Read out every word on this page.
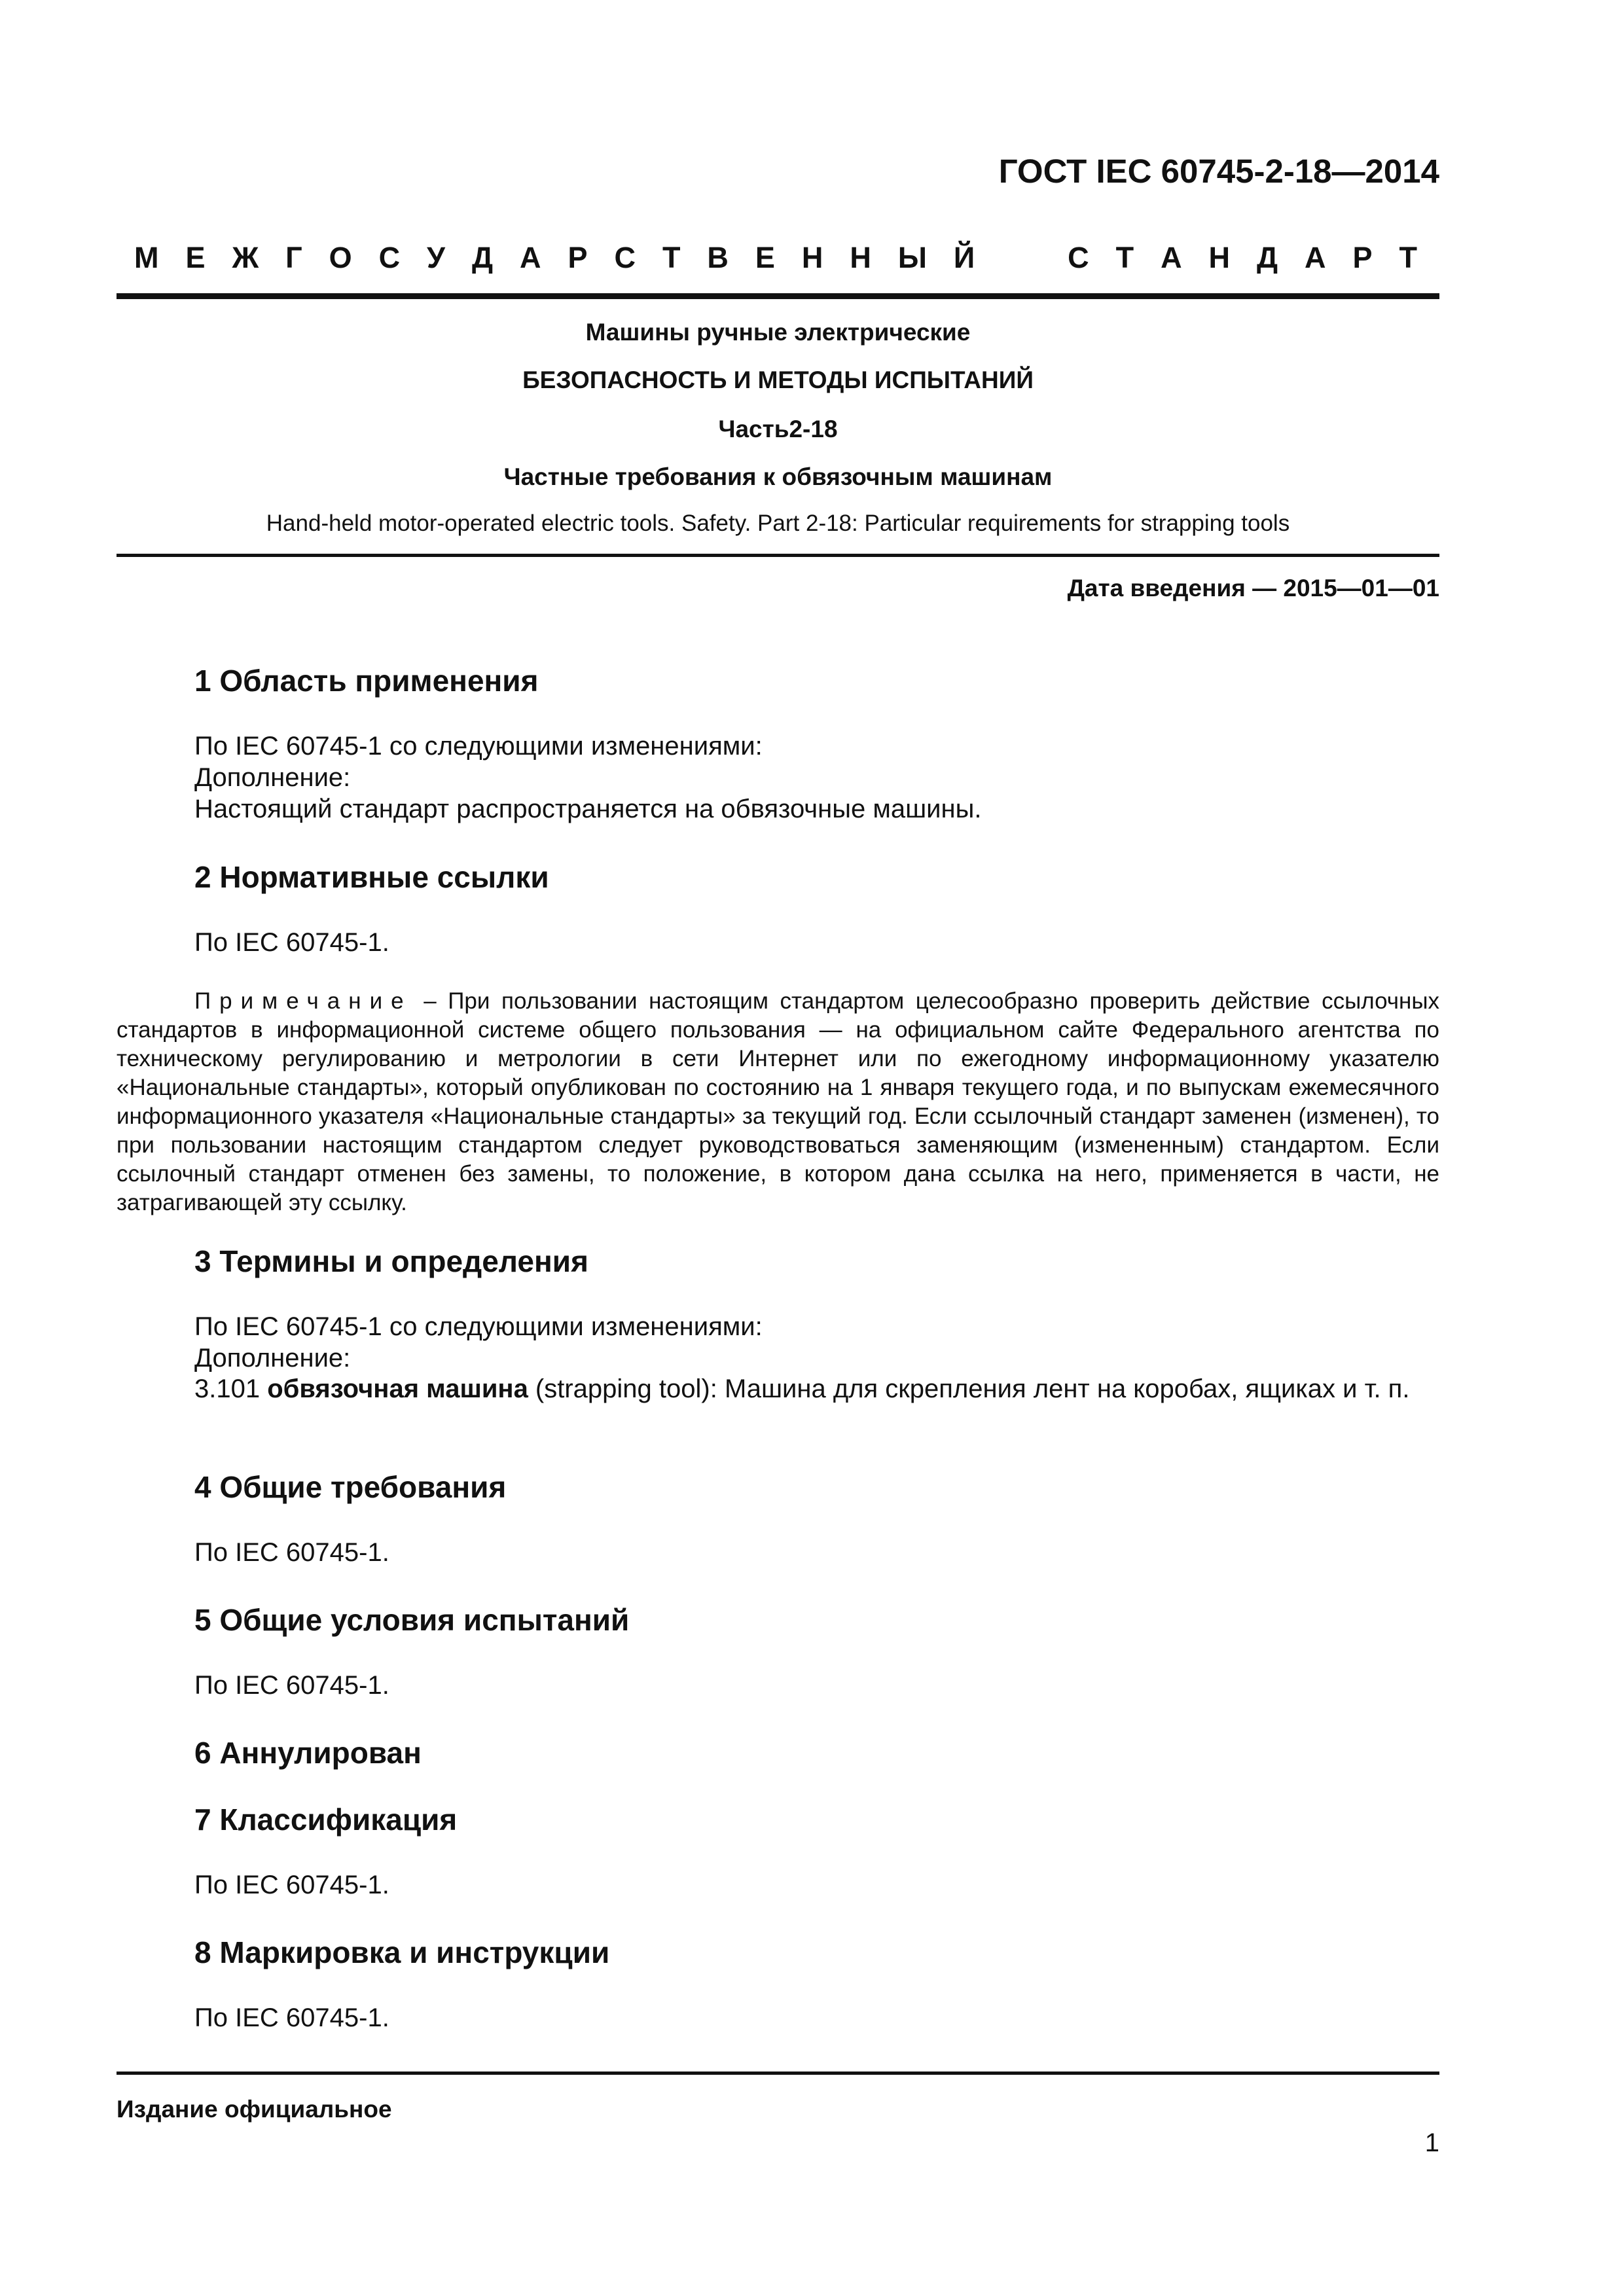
ГОСТ IEC 60745-2-18—2014
М Е Ж Г О С У Д А Р С Т В Е Н Н Ы Й	С Т А Н Д А Р Т
Машины ручные электрические
БЕЗОПАСНОСТЬ И МЕТОДЫ ИСПЫТАНИЙ
Часть2-18
Частные требования к обвязочным машинам
Hand-held motor-operated electric tools. Safety. Part 2-18: Particular requirements for strapping tools
Дата введения — 2015—01—01
1 Область применения
По IEC 60745-1 со следующими изменениями:
Дополнение:
Настоящий стандарт распространяется на обвязочные машины.
2 Нормативные ссылки
По IEC 60745-1.
Примечание – При пользовании настоящим стандартом целесообразно проверить действие ссылочных стандартов в информационной системе общего пользования — на официальном сайте Федерального агентства по техническому регулированию и метрологии в сети Интернет или по ежегодному информационному указателю «Национальные стандарты», который опубликован по состоянию на 1 января текущего года, и по выпускам ежемесячного информационного указателя «Национальные стандарты» за текущий год. Если ссылочный стандарт заменен (изменен), то при пользовании настоящим стандартом следует руководствоваться заменяющим (измененным) стандартом. Если ссылочный стандарт отменен без замены, то положение, в котором дана ссылка на него, применяется в части, не затрагивающей эту ссылку.
3 Термины и определения
По IEC 60745-1 со следующими изменениями:
Дополнение:
3.101 обвязочная машина (strapping tool): Машина для скрепления лент на коробах, ящиках и т. п.
4 Общие требования
По IEC 60745-1.
5 Общие условия испытаний
По IEC 60745-1.
6 Аннулирован
7 Классификация
По IEC 60745-1.
8 Маркировка и инструкции
По IEC 60745-1.
Издание официальное
1
